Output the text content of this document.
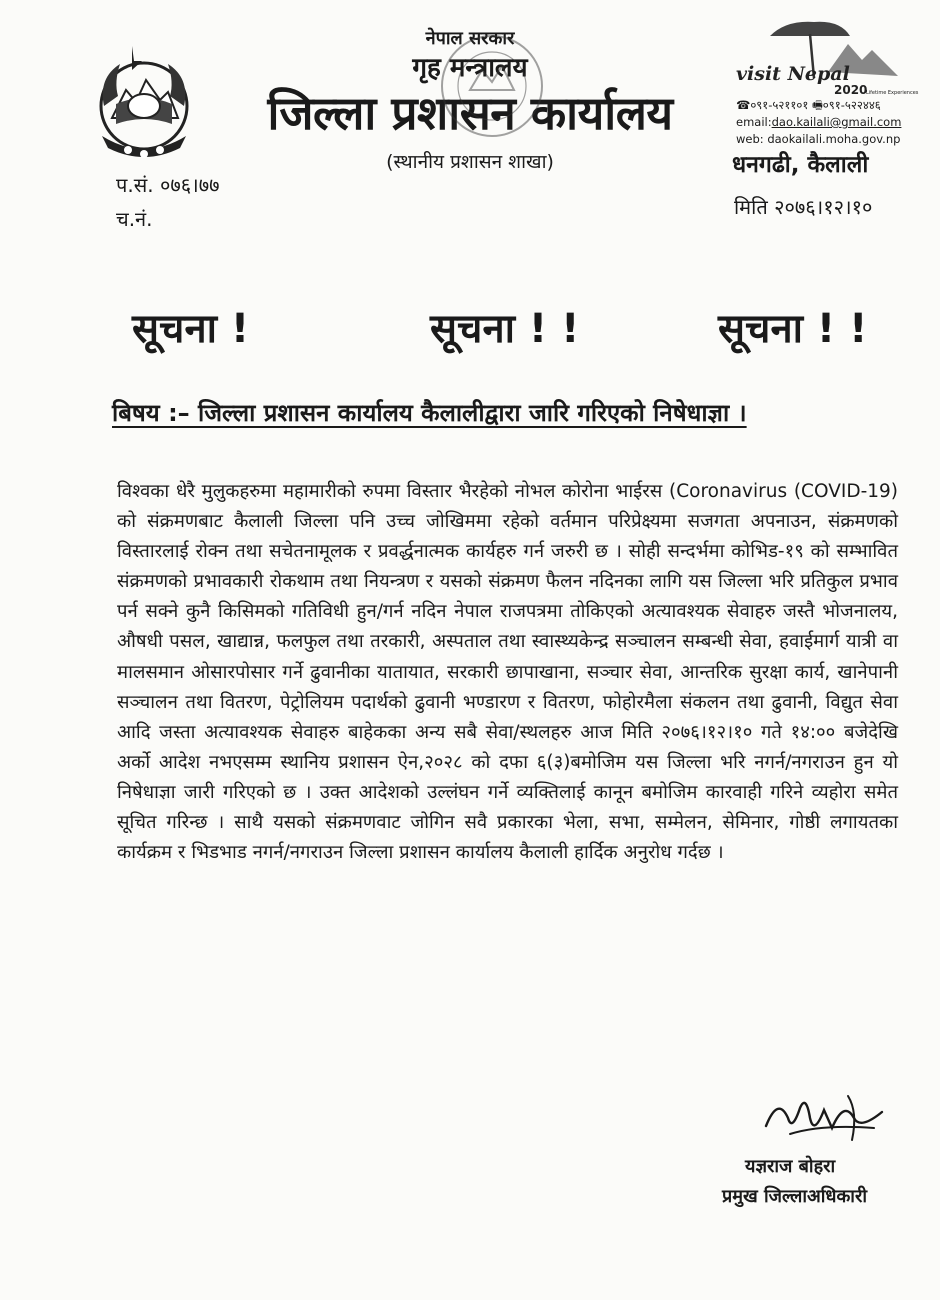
नेपाल सरकार
गृह मन्त्रालय
जिल्ला प्रशासन कार्यालय
(स्थानीय प्रशासन शाखा)
प.सं. ०७६।७७
च.नं.
visit Nepal
2020
Lifetime Experiences
☎०९१-५२११०१ 🖷०९१-५२२४४६
email:dao.kailali@gmail.com
web: daokailali.moha.gov.np
धनगढी, कैलाली
मिति २०७६।१२।१०
सूचना !	सूचना ! !	सूचना ! !
बिषय :– जिल्ला प्रशासन कार्यालय कैलालीद्वारा जारि गरिएको निषेधाज्ञा ।

विश्वका धेरै मुलुकहरुमा महामारीको रुपमा विस्तार भैरहेको नोभल कोरोना भाईरस (Coronavirus (COVID-19) को संक्रमणबाट कैलाली जिल्ला पनि उच्च जोखिममा रहेको वर्तमान परिप्रेक्ष्यमा सजगता अपनाउन, संक्रमणको विस्तारलाई रोक्न तथा सचेतनामूलक र प्रवर्द्धनात्मक कार्यहरु गर्न जरुरी छ । सोही सन्दर्भमा कोभिड-१९ को सम्भावित संक्रमणको प्रभावकारी रोकथाम तथा नियन्त्रण र यसको संक्रमण फैलन नदिनका लागि यस जिल्ला भरि प्रतिकुल प्रभाव पर्न सक्ने कुनै किसिमको गतिविधी हुन/गर्न नदिन नेपाल राजपत्रमा तोकिएको अत्यावश्यक सेवाहरु जस्तै भोजनालय, औषधी पसल, खाद्यान्न, फलफुल तथा तरकारी, अस्पताल तथा स्वास्थ्यकेन्द्र सञ्चालन सम्बन्धी सेवा, हवाईमार्ग यात्री वा मालसमान ओसारपोसार गर्ने ढुवानीका यातायात, सरकारी छापाखाना, सञ्चार सेवा, आन्तरिक सुरक्षा कार्य, खानेपानी सञ्चालन तथा वितरण, पेट्रोलियम पदार्थको ढुवानी भण्डारण र वितरण, फोहोरमैला संकलन तथा ढुवानी, विद्युत सेवा आदि जस्ता अत्यावश्यक सेवाहरु बाहेकका अन्य सबै सेवा/स्थलहरु आज मिति २०७६।१२।१० गते १४:०० बजेदेखि अर्को आदेश नभएसम्म स्थानिय प्रशासन ऐन,२०२८ को दफा ६(३)बमोजिम यस जिल्ला भरि नगर्न/नगराउन हुन यो निषेधाज्ञा जारी गरिएको छ । उक्त आदेशको उल्लंघन गर्ने व्यक्तिलाई कानून बमोजिम कारवाही गरिने व्यहोरा समेत सूचित गरिन्छ । साथै यसको संक्रमणवाट जोगिन सवै प्रकारका भेला, सभा, सम्मेलन, सेमिनार, गोष्ठी लगायतका कार्यक्रम र भिडभाड नगर्न/नगराउन जिल्ला प्रशासन कार्यालय कैलाली हार्दिक अनुरोध गर्दछ ।

यज्ञराज बोहरा
प्रमुख जिल्लाअधिकारी
